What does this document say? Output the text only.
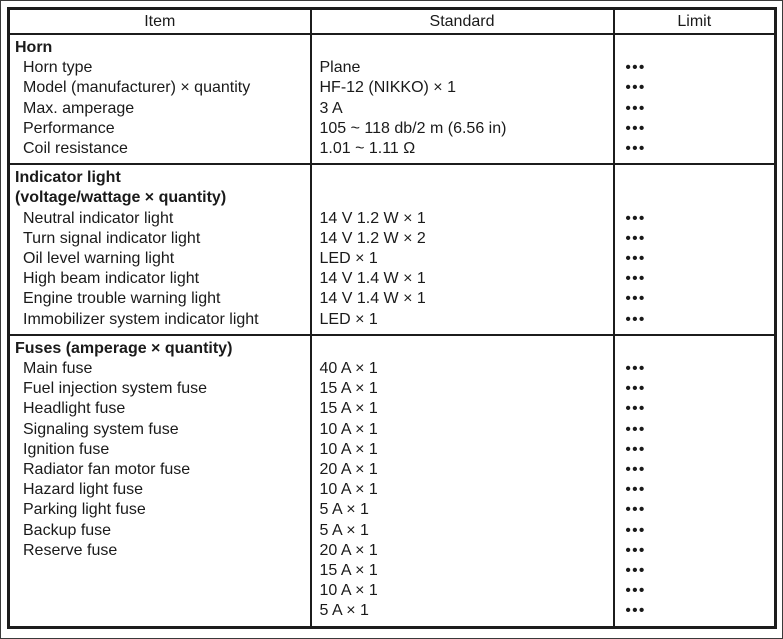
Item	Standard	Limit
Horn		
Horn type	Plane	•••
Model (manufacturer) × quantity	HF-12 (NIKKO) × 1	•••
Max. amperage	3 A	•••
Performance	105 ~ 118 db/2 m (6.56 in)	•••
Coil resistance	1.01 ~ 1.11 Ω	•••
Indicator light		
(voltage/wattage × quantity)		
Neutral indicator light	14 V 1.2 W × 1	•••
Turn signal indicator light	14 V 1.2 W × 2	•••
Oil level warning light	LED × 1	•••
High beam indicator light	14 V 1.4 W × 1	•••
Engine trouble warning light	14 V 1.4 W × 1	•••
Immobilizer system indicator light	LED × 1	•••
Fuses (amperage × quantity)		
Main fuse	40 A × 1	•••
Fuel injection system fuse	15 A × 1	•••
Headlight fuse	15 A × 1	•••
Signaling system fuse	10 A × 1	•••
Ignition fuse	10 A × 1	•••
Radiator fan motor fuse	20 A × 1	•••
Hazard light fuse	10 A × 1	•••
Parking light fuse	5 A × 1	•••
Backup fuse	5 A × 1	•••
Reserve fuse	20 A × 1	•••
	15 A × 1	•••
	10 A × 1	•••
	5 A × 1	•••
